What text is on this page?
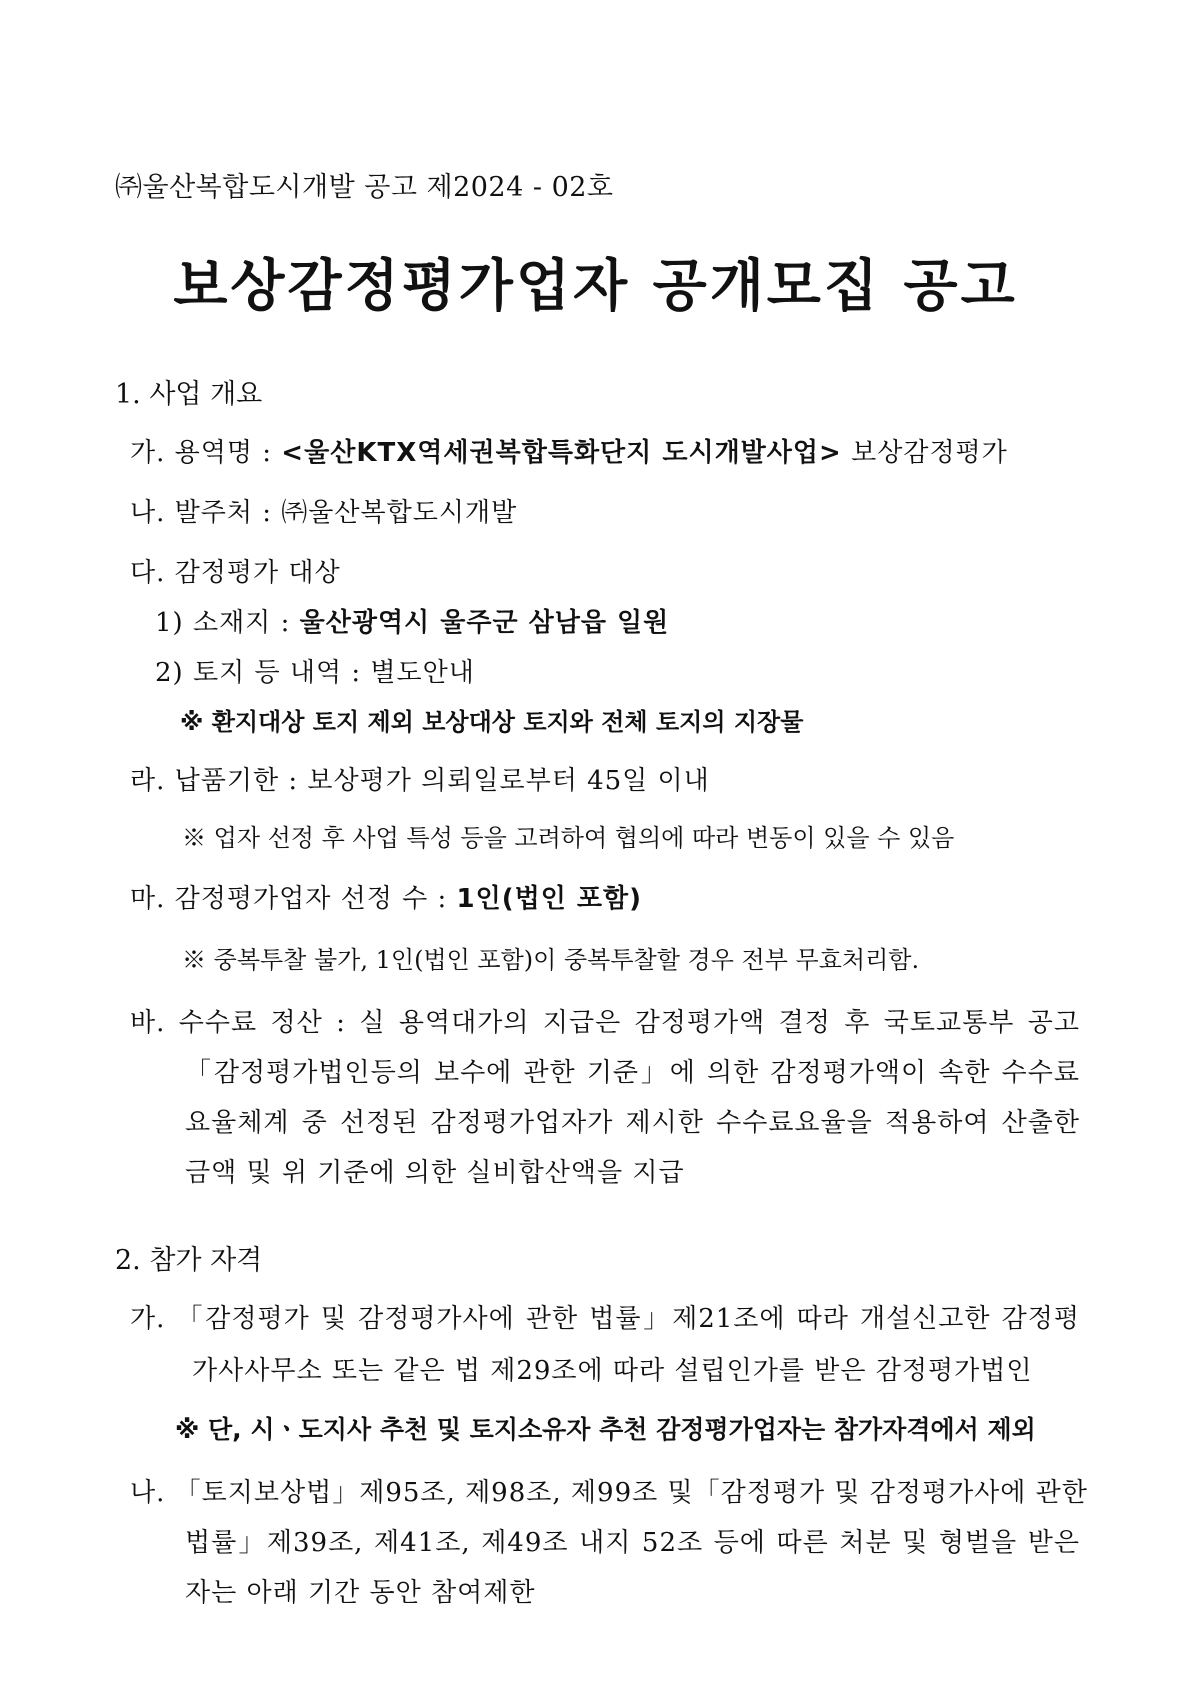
㈜울산복합도시개발 공고 제2024 - 02호
보상감정평가업자 공개모집 공고
1. 사업 개요
가. 용역명 : <울산KTX역세권복합특화단지 도시개발사업> 보상감정평가
나. 발주처 : ㈜울산복합도시개발
다. 감정평가 대상
1) 소재지 : 울산광역시 울주군 삼남읍 일원
2) 토지 등 내역 : 별도안내
※ 환지대상 토지 제외 보상대상 토지와 전체 토지의 지장물
라. 납품기한 : 보상평가 의뢰일로부터 45일 이내
※ 업자 선정 후 사업 특성 등을 고려하여 협의에 따라 변동이 있을 수 있음
마. 감정평가업자 선정 수 : 1인(법인 포함)
※ 중복투찰 불가, 1인(법인 포함)이 중복투찰할 경우 전부 무효처리함.
바. 수수료 정산 : 실 용역대가의 지급은 감정평가액 결정 후 국토교통부 공고
「감정평가법인등의 보수에 관한 기준」에 의한 감정평가액이 속한 수수료
요율체계 중 선정된 감정평가업자가 제시한 수수료요율을 적용하여 산출한
금액 및 위 기준에 의한 실비합산액을 지급
2. 참가 자격
가. 「감정평가 및 감정평가사에 관한 법률」제21조에 따라 개설신고한 감정평
가사사무소 또는 같은 법 제29조에 따라 설립인가를 받은 감정평가법인
※ 단, 시ㆍ도지사 추천 및 토지소유자 추천 감정평가업자는 참가자격에서 제외
나. 「토지보상법」제95조, 제98조, 제99조 및「감정평가 및 감정평가사에 관한
법률」제39조, 제41조, 제49조 내지 52조 등에 따른 처분 및 형벌을 받은
자는 아래 기간 동안 참여제한
